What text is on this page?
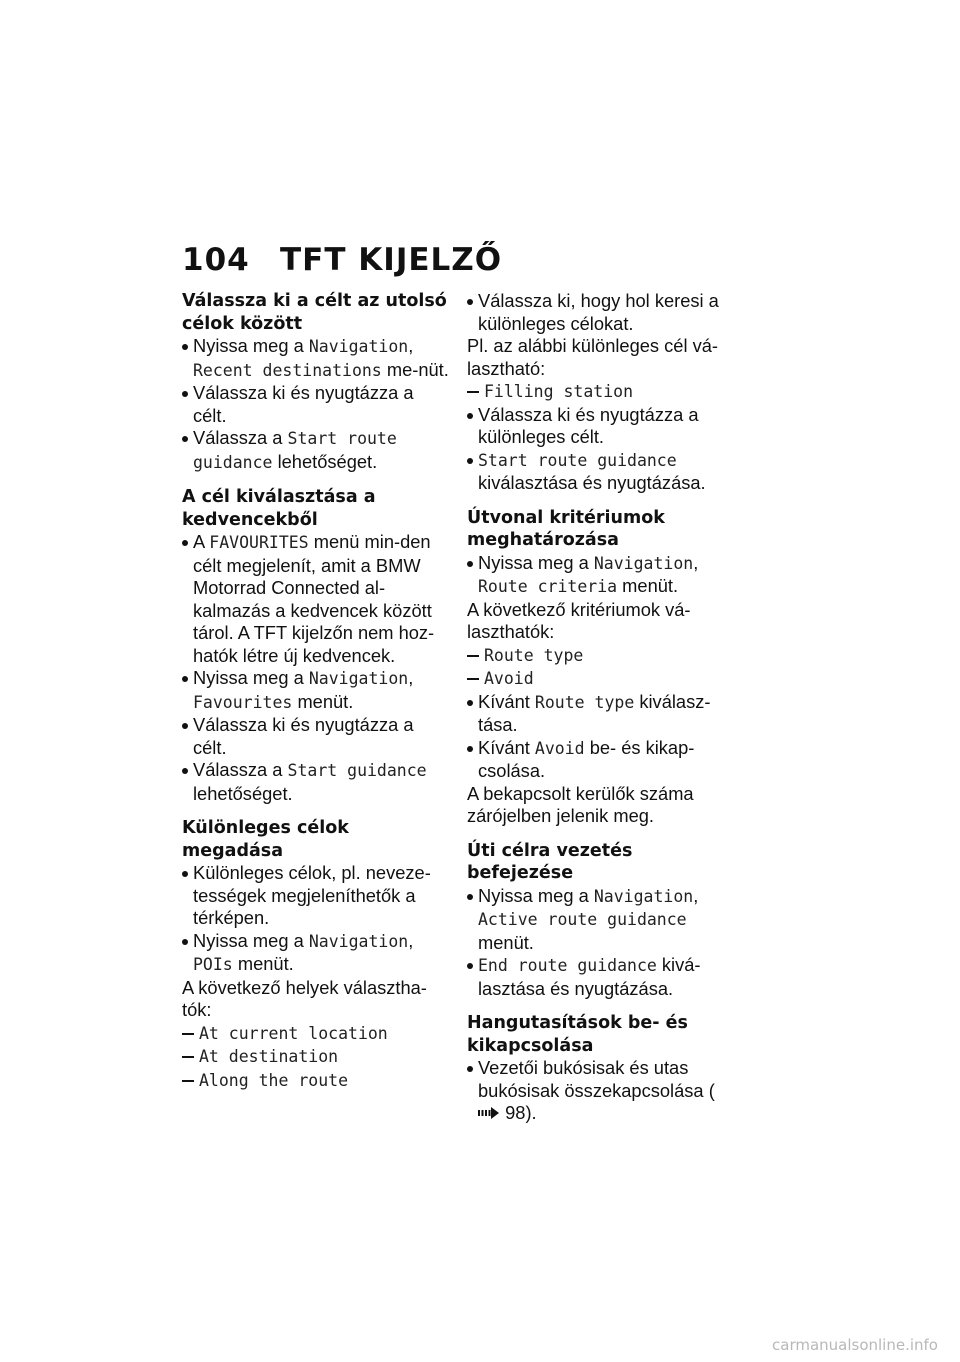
104 TFT KIJELZŐ
Válassza ki a célt az utolsó célok között
Nyissa meg a Navigation, Recent destinations me-nüt.
Válassza ki és nyugtázza a célt.
Válassza a Start route guidance lehetőséget.
A cél kiválasztása a kedvencekből
A FAVOURITES menü min-den célt megjelenít, amit a BMW Motorrad Connected al-kalmazás a kedvencek között tárol. A TFT kijelzőn nem hoz-hatók létre új kedvencek.
Nyissa meg a Navigation, Favourites menüt.
Válassza ki és nyugtázza a célt.
Válassza a Start guidance lehetőséget.
Különleges célok megadása
Különleges célok, pl. neveze-tességek megjeleníthetők a térképen.
Nyissa meg a Navigation, POIs menüt.
A következő helyek választha-tók:
At current location
At destination
Along the route
Válassza ki, hogy hol keresi a különleges célokat.
Pl. az alábbi különleges cél vá-lasztható:
Filling station
Válassza ki és nyugtázza a különleges célt.
Start route guidance kiválasztása és nyugtázása.
Útvonal kritériumok meghatározása
Nyissa meg a Navigation, Route criteria menüt.
A következő kritériumok vá-laszthatók:
Route type
Avoid
Kívánt Route type kiválasz-tása.
Kívánt Avoid be- és kikap-csolása.
A bekapcsolt kerülők száma zárójelben jelenik meg.
Úti célra vezetés befejezése
Nyissa meg a Navigation, Active route guidance menüt.
End route guidance kivá-lasztása és nyugtázása.
Hangutasítások be- és kikapcsolása
Vezetői bukósisak és utas bukósisak összekapcsolása ( 98).
carmanualsonline.info
